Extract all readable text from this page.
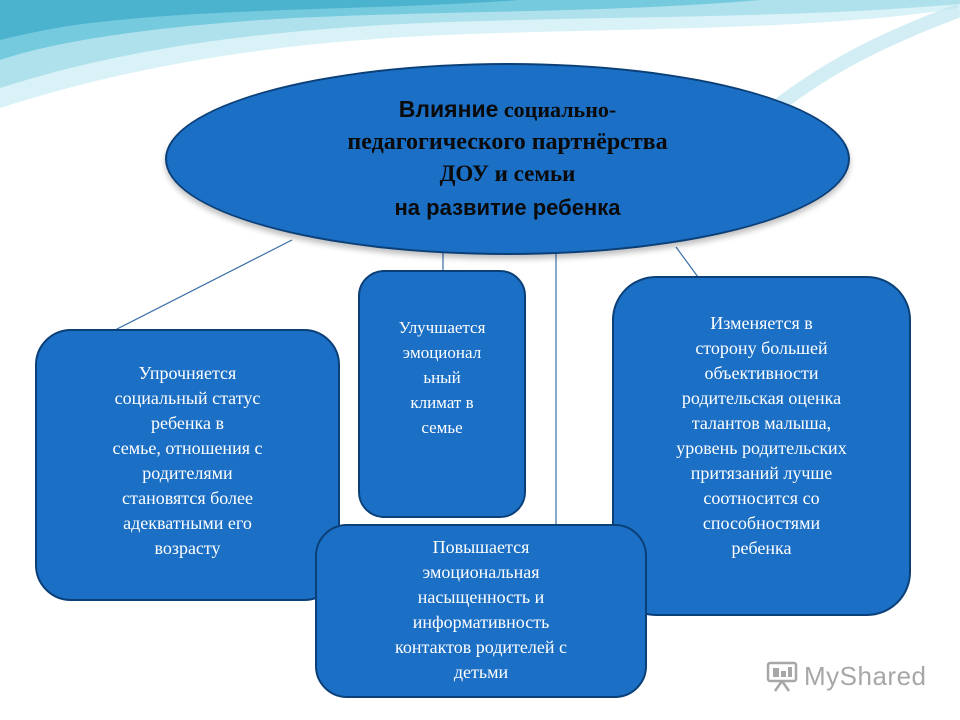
Влияние социально-
педагогического партнёрства
ДОУ и семьи
на развитие ребенка
Упрочняется
социальный статус
ребенка в
семье, отношения с
родителями
становятся более
адекватными его
возрасту
Улучшается
эмоционал
ьный
климат в
семье
Изменяется в
сторону большей
объективности
родительская оценка
талантов малыша,
уровень родительских
притязаний лучше
соотносится со
способностями
ребенка
Повышается
эмоциональная
насыщенность и
информативность
контактов родителей с
детьми	MyShared
